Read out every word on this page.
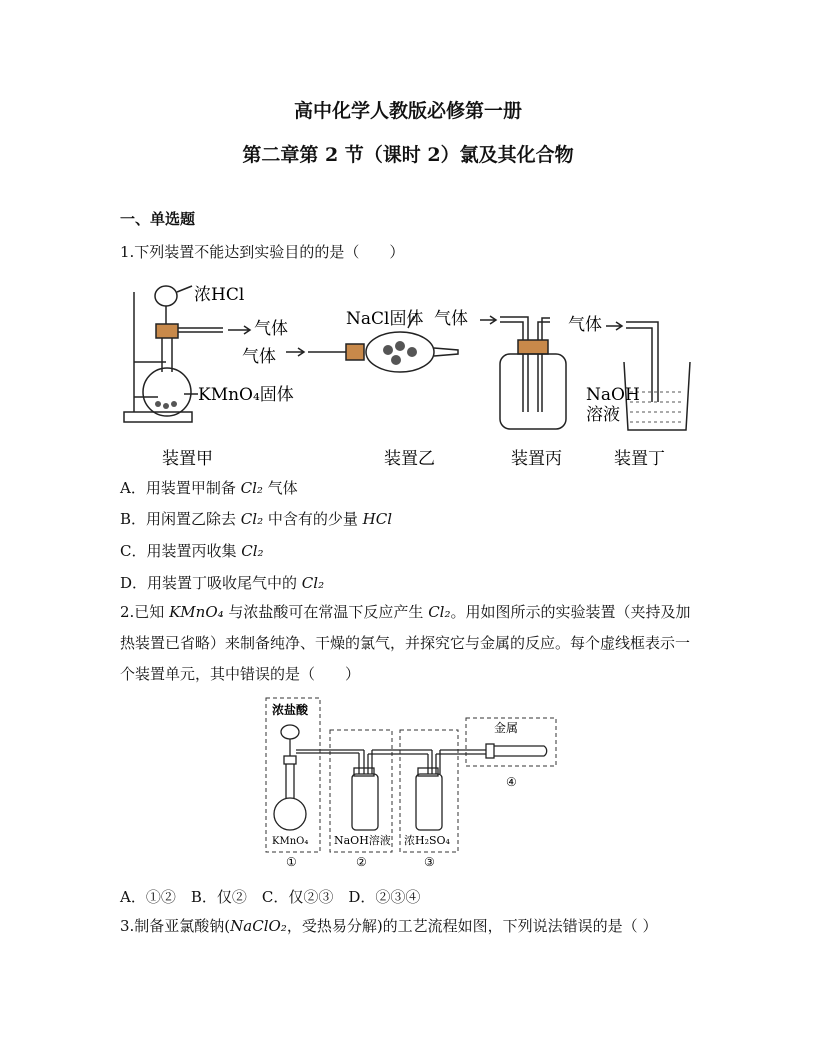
高中化学人教版必修第一册
第二章第 2 节（课时 2）氯及其化合物
一、单选题
1.下列装置不能达到实验目的的是（　　）
浓HCl
气体
KMnO₄固体
气体
NaCl固体 气体	气体
NaOH
溶液
装置甲	装置乙	装置丙	装置丁
A．用装置甲制备 Cl₂ 气体
B．用闲置乙除去 Cl₂ 中含有的少量 HCl
C．用装置丙收集 Cl₂
D．用装置丁吸收尾气中的 Cl₂
2.已知 KMnO₄ 与浓盐酸可在常温下反应产生 Cl₂。用如图所示的实验装置（夹持及加热装置已省略）来制备纯净、干燥的氯气，并探究它与金属的反应。每个虚线框表示一个装置单元，其中错误的是（　　）
浓盐酸
金属
KMnO₄ NaOH溶液 浓H₂SO₄
①	②	③
④
A．①②　B．仅②　C．仅②③　D．②③④
3.制备亚氯酸钠(NaClO₂，受热易分解)的工艺流程如图，下列说法错误的是（ ）
